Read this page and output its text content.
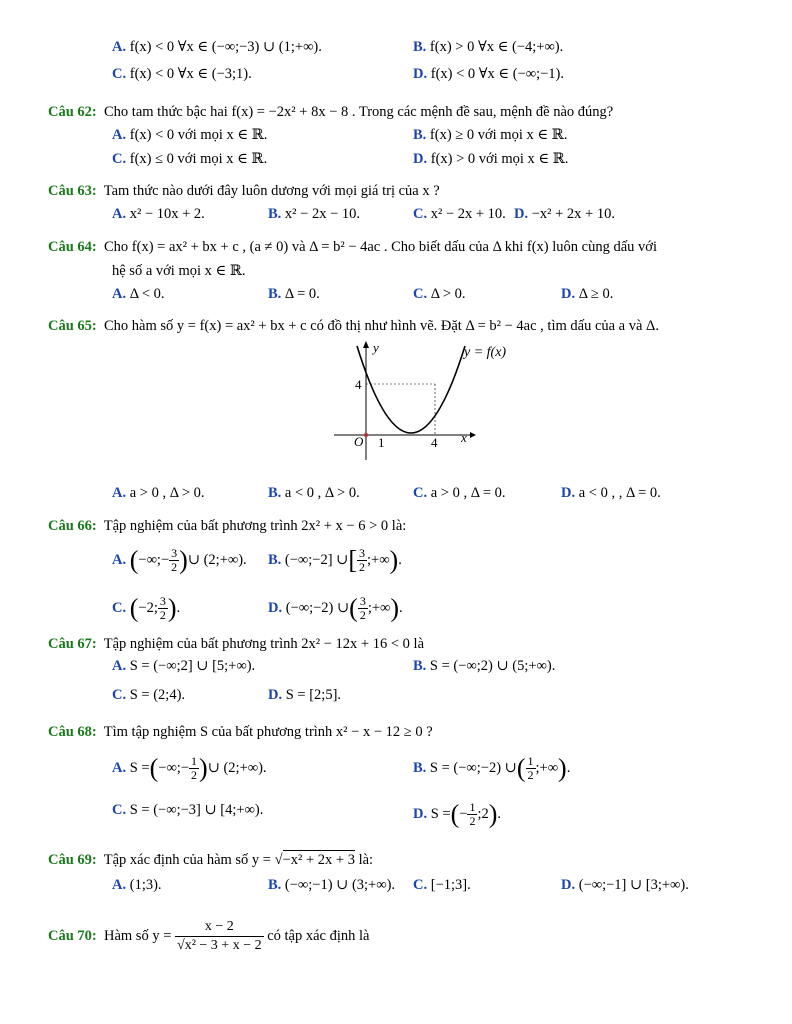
A. f(x) < 0 ∀x ∈ (−∞;−3) ∪ (1;+∞).	B. f(x) > 0 ∀x ∈ (−4;+∞).
C. f(x) < 0 ∀x ∈ (−3;1).	D. f(x) < 0 ∀x ∈ (−∞;−1).
Câu 62: Cho tam thức bậc hai f(x) = −2x² + 8x − 8 . Trong các mệnh đề sau, mệnh đề nào đúng?
A. f(x) < 0 với mọi x ∈ ℝ.	B. f(x) ≥ 0 với mọi x ∈ ℝ.
C. f(x) ≤ 0 với mọi x ∈ ℝ.	D. f(x) > 0 với mọi x ∈ ℝ.
Câu 63: Tam thức nào dưới đây luôn dương với mọi giá trị của x ?
A. x² − 10x + 2.	B. x² − 2x − 10.	C. x² − 2x + 10. D. −x² + 2x + 10.
Câu 64: Cho f(x) = ax² + bx + c , (a ≠ 0) và Δ = b² − 4ac . Cho biết dấu của Δ khi f(x) luôn cùng dấu với
hệ số a với mọi x ∈ ℝ.
A. Δ < 0.	B. Δ = 0.	C. Δ > 0.	D. Δ ≥ 0.
Câu 65: Cho hàm số y = f(x) = ax² + bx + c có đồ thị như hình vẽ. Đặt Δ = b² − 4ac , tìm dấu của a và Δ.
y
x
O 1	4
4
y = f(x)
A. a > 0 , Δ > 0.	B. a < 0 , Δ > 0.	C. a > 0 , Δ = 0.	D. a < 0 , , Δ = 0.
Câu 66: Tập nghiệm của bất phương trình 2x² + x − 6 > 0 là:
A. (−∞;− $\frac{3}{2}$ )∪ (2;+∞). B. (−∞;−2] ∪[ $\frac{3}{2}$ ;+∞).
C. (−2; $\frac{3}{2}$ ).	D. (−∞;−2) ∪( $\frac{3}{2}$ ;+∞).
Câu 67: Tập nghiệm của bất phương trình 2x² − 12x + 16 < 0 là
A. S = (−∞;2] ∪ [5;+∞).	B. S = (−∞;2) ∪ (5;+∞).
C. S = (2;4).	D. S = [2;5].
Câu 68: Tìm tập nghiệm S của bất phương trình x² − x − 12 ≥ 0 ?
A. S =(−∞;− $\frac{1}{2}$ )∪ (2;+∞).	B. S = (−∞;−2) ∪( $\frac{1}{2}$ ;+∞).
C. S = (−∞;−3] ∪ [4;+∞).	D. S =(− $\frac{1}{2}$ ;2).
Câu 69: Tập xác định của hàm số y = √−x² + 2x + 3 là:
A. (1;3).	B. (−∞;−1) ∪ (3;+∞). C. [−1;3].	D. (−∞;−1] ∪ [3;+∞).
Câu 70: Hàm số $y = \frac{x - 2}{\text{√x² − 3 + x − 2}}$ có tập xác định là
